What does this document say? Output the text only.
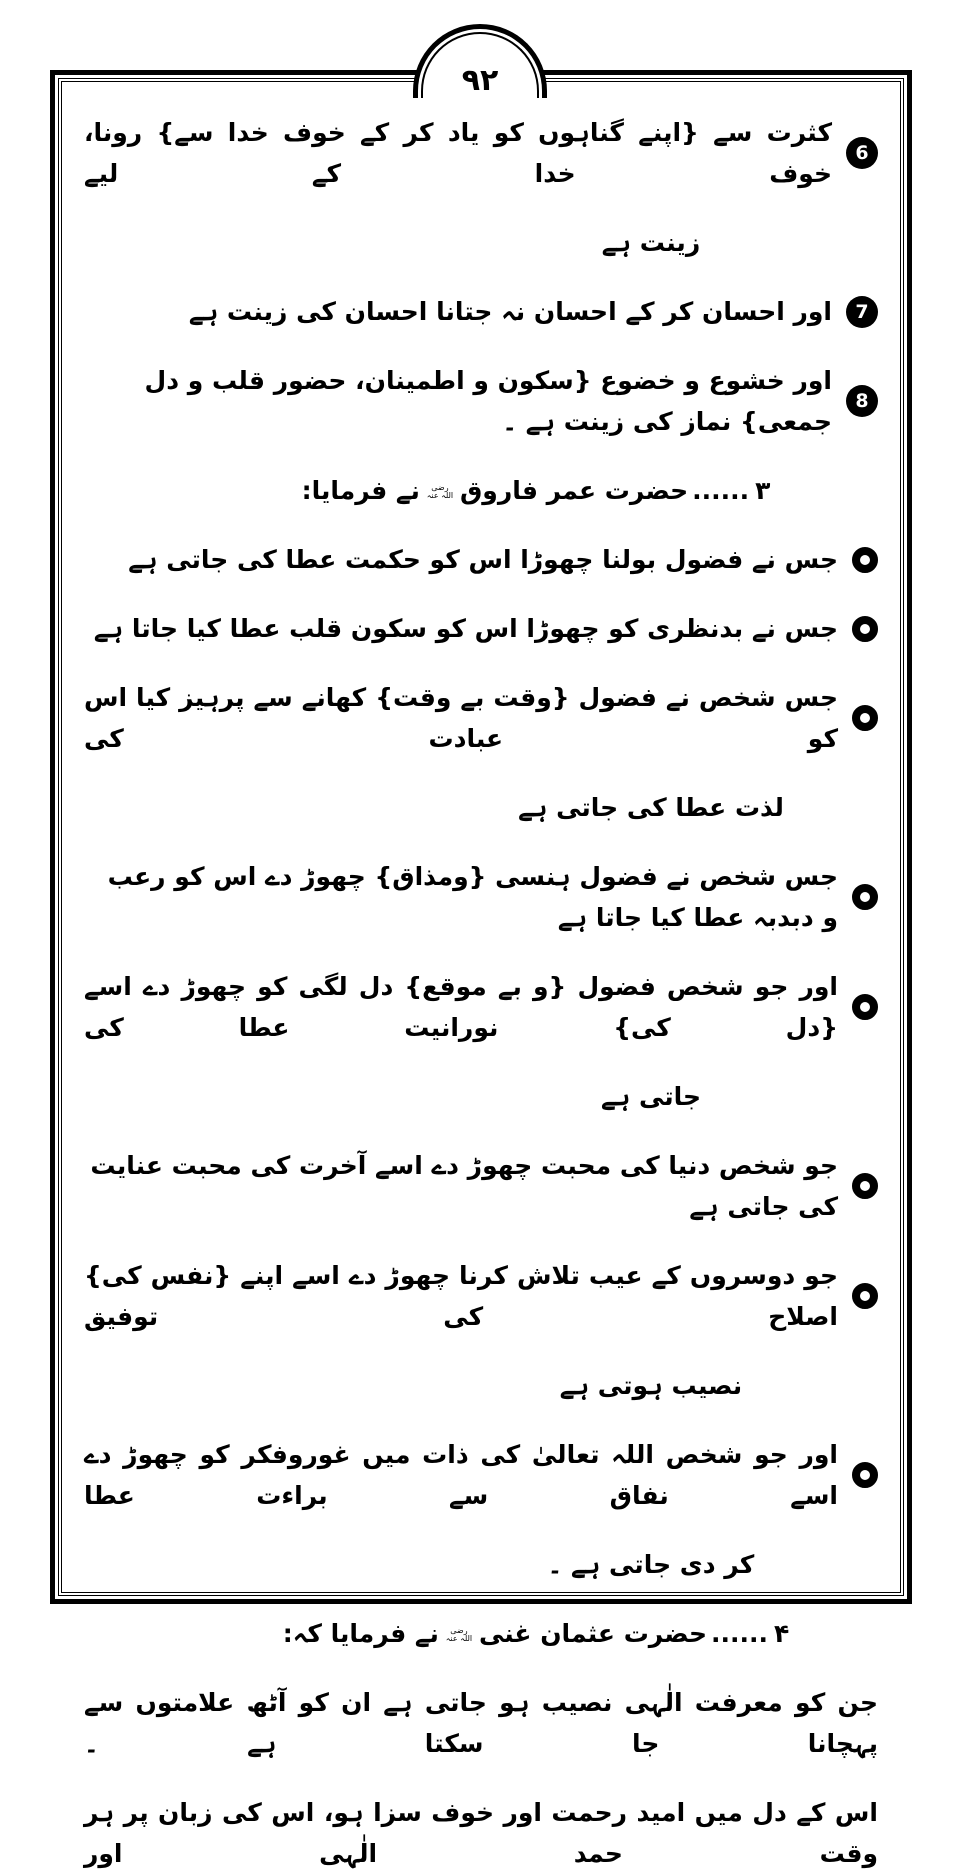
۹۲
6
کثرت سے {اپنے گناہوں کو یاد کر کے خوف خدا سے} رونا، خوف خدا کے لیے
زینت ہے
7
اور احسان کر کے احسان نہ جتانا احسان کی زینت ہے
8
اور خشوع و خضوع {سکون و اطمینان، حضور قلب و دل جمعی} نماز کی زینت ہے ۔
۳......حضرت عمر فاروقرضی اللہ عنہنے فرمایا:
جس نے فضول بولنا چھوڑا اس کو حکمت عطا کی جاتی ہے
جس نے بدنظری کو چھوڑا اس کو سکون قلب عطا کیا جاتا ہے
جس شخص نے فضول {وقت بے وقت} کھانے سے پرہیز کیا اس کو عبادت کی
لذت عطا کی جاتی ہے
جس شخص نے فضول ہنسی {ومذاق} چھوڑ دے اس کو رعب و دبدبہ عطا کیا جاتا ہے
اور جو شخص فضول {و بے موقع} دل لگی کو چھوڑ دے اسے {دل کی} نورانیت عطا کی
جاتی ہے
جو شخص دنیا کی محبت چھوڑ دے اسے آخرت کی محبت عنایت کی جاتی ہے
جو دوسروں کے عیب تلاش کرنا چھوڑ دے اسے اپنے {نفس کی} اصلاح کی توفیق
نصیب ہوتی ہے
اور جو شخص اللہ تعالیٰ کی ذات میں غوروفکر کو چھوڑ دے اسے نفاق سے براءت عطا
کر دی جاتی ہے ۔
۴......حضرت عثمان غنیرضی اللہ عنہنے فرمایا کہ:
جن کو معرفت الٰہی نصیب ہو جاتی ہے ان کو آٹھ علامتوں سے پہچانا جا سکتا ہے ۔
اس کے دل میں امید رحمت اور خوف سزا ہو، اس کی زبان پر ہر وقت حمد الٰہی اور
